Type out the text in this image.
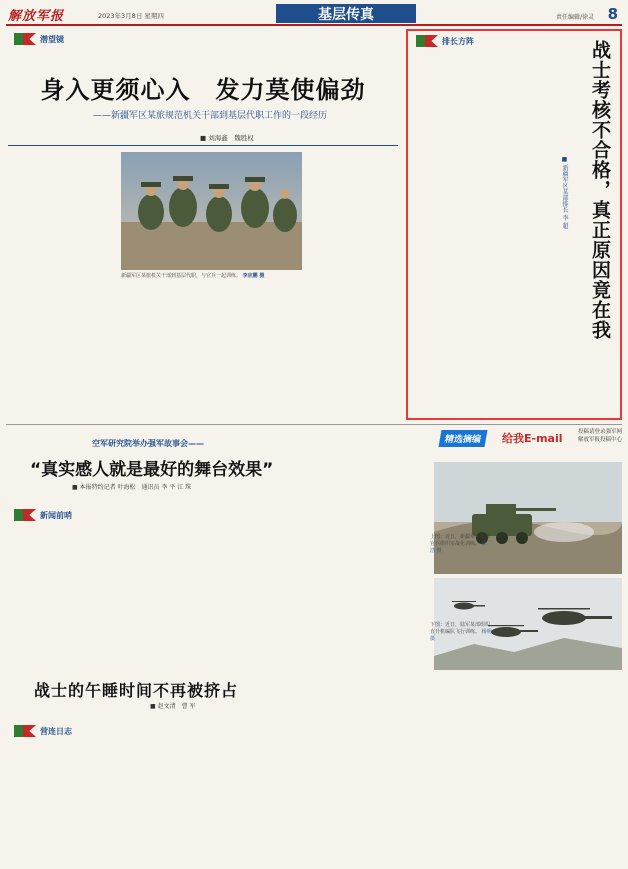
解放军报	2023年3月8日 星期四	基层传真	责任编辑/徐灵 8
潜望镜
身入更须心入　发力莫使偏劲
——新疆军区某旅规范机关干部到基层代职工作的一段经历
■ 刘海鑫　魏胜权
新疆军区某旅机关干部到基层代职，与官兵一起训练。 李应鹏 摄
排长方阵	战士考核不合格，真正原因竟在我
■ 新疆军区某部排长 李 超
空军研究院举办强军故事会——
“真实感人就是最好的舞台效果”
■ 本报特约记者 叶海松　通讯员 李 平 江 珠
新闻前哨
精选摘编	给我E-mail	投稿请登录强军网解放军报投稿中心
上图：近日，新疆军区某部官兵组织实战化训练。 陈 浩 摄
下图：近日，陆军某部组织直升机编队飞行训练。 杨明 摄
战士的午睡时间不再被挤占
■ 赵文清　曹 军
营连日志
